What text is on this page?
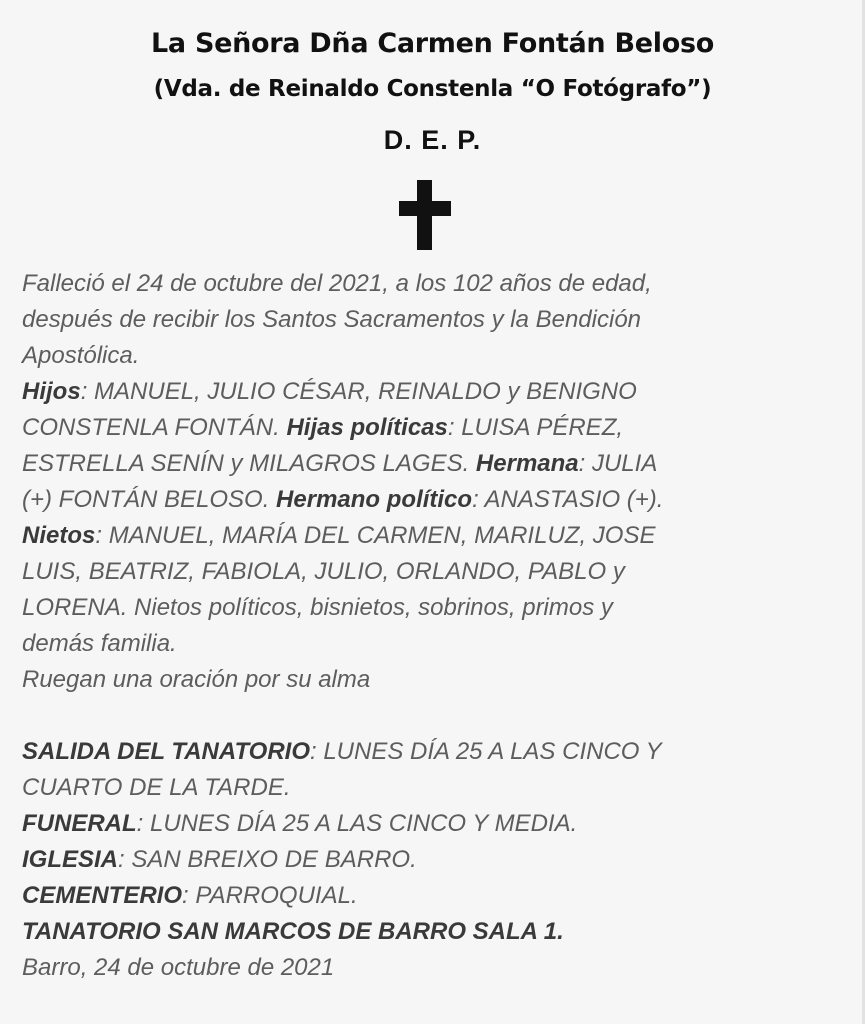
La Señora Dña Carmen Fontán Beloso
(Vda. de Reinaldo Constenla “O Fotógrafo”)
D. E. P.
Falleció el 24 de octubre del 2021, a los 102 años de edad,
después de recibir los Santos Sacramentos y la Bendición
Apostólica.
Hijos: MANUEL, JULIO CÉSAR, REINALDO y BENIGNO
CONSTENLA FONTÁN. Hijas políticas: LUISA PÉREZ,
ESTRELLA SENÍN y MILAGROS LAGES. Hermana: JULIA
(+) FONTÁN BELOSO. Hermano político: ANASTASIO (+).
Nietos: MANUEL, MARÍA DEL CARMEN, MARILUZ, JOSE
LUIS, BEATRIZ, FABIOLA, JULIO, ORLANDO, PABLO y
LORENA. Nietos políticos, bisnietos, sobrinos, primos y
demás familia.
Ruegan una oración por su alma
SALIDA DEL TANATORIO: LUNES DÍA 25 A LAS CINCO Y
CUARTO DE LA TARDE.
FUNERAL: LUNES DÍA 25 A LAS CINCO Y MEDIA.
IGLESIA: SAN BREIXO DE BARRO.
CEMENTERIO: PARROQUIAL.
TANATORIO SAN MARCOS DE BARRO SALA 1.
Barro, 24 de octubre de 2021
